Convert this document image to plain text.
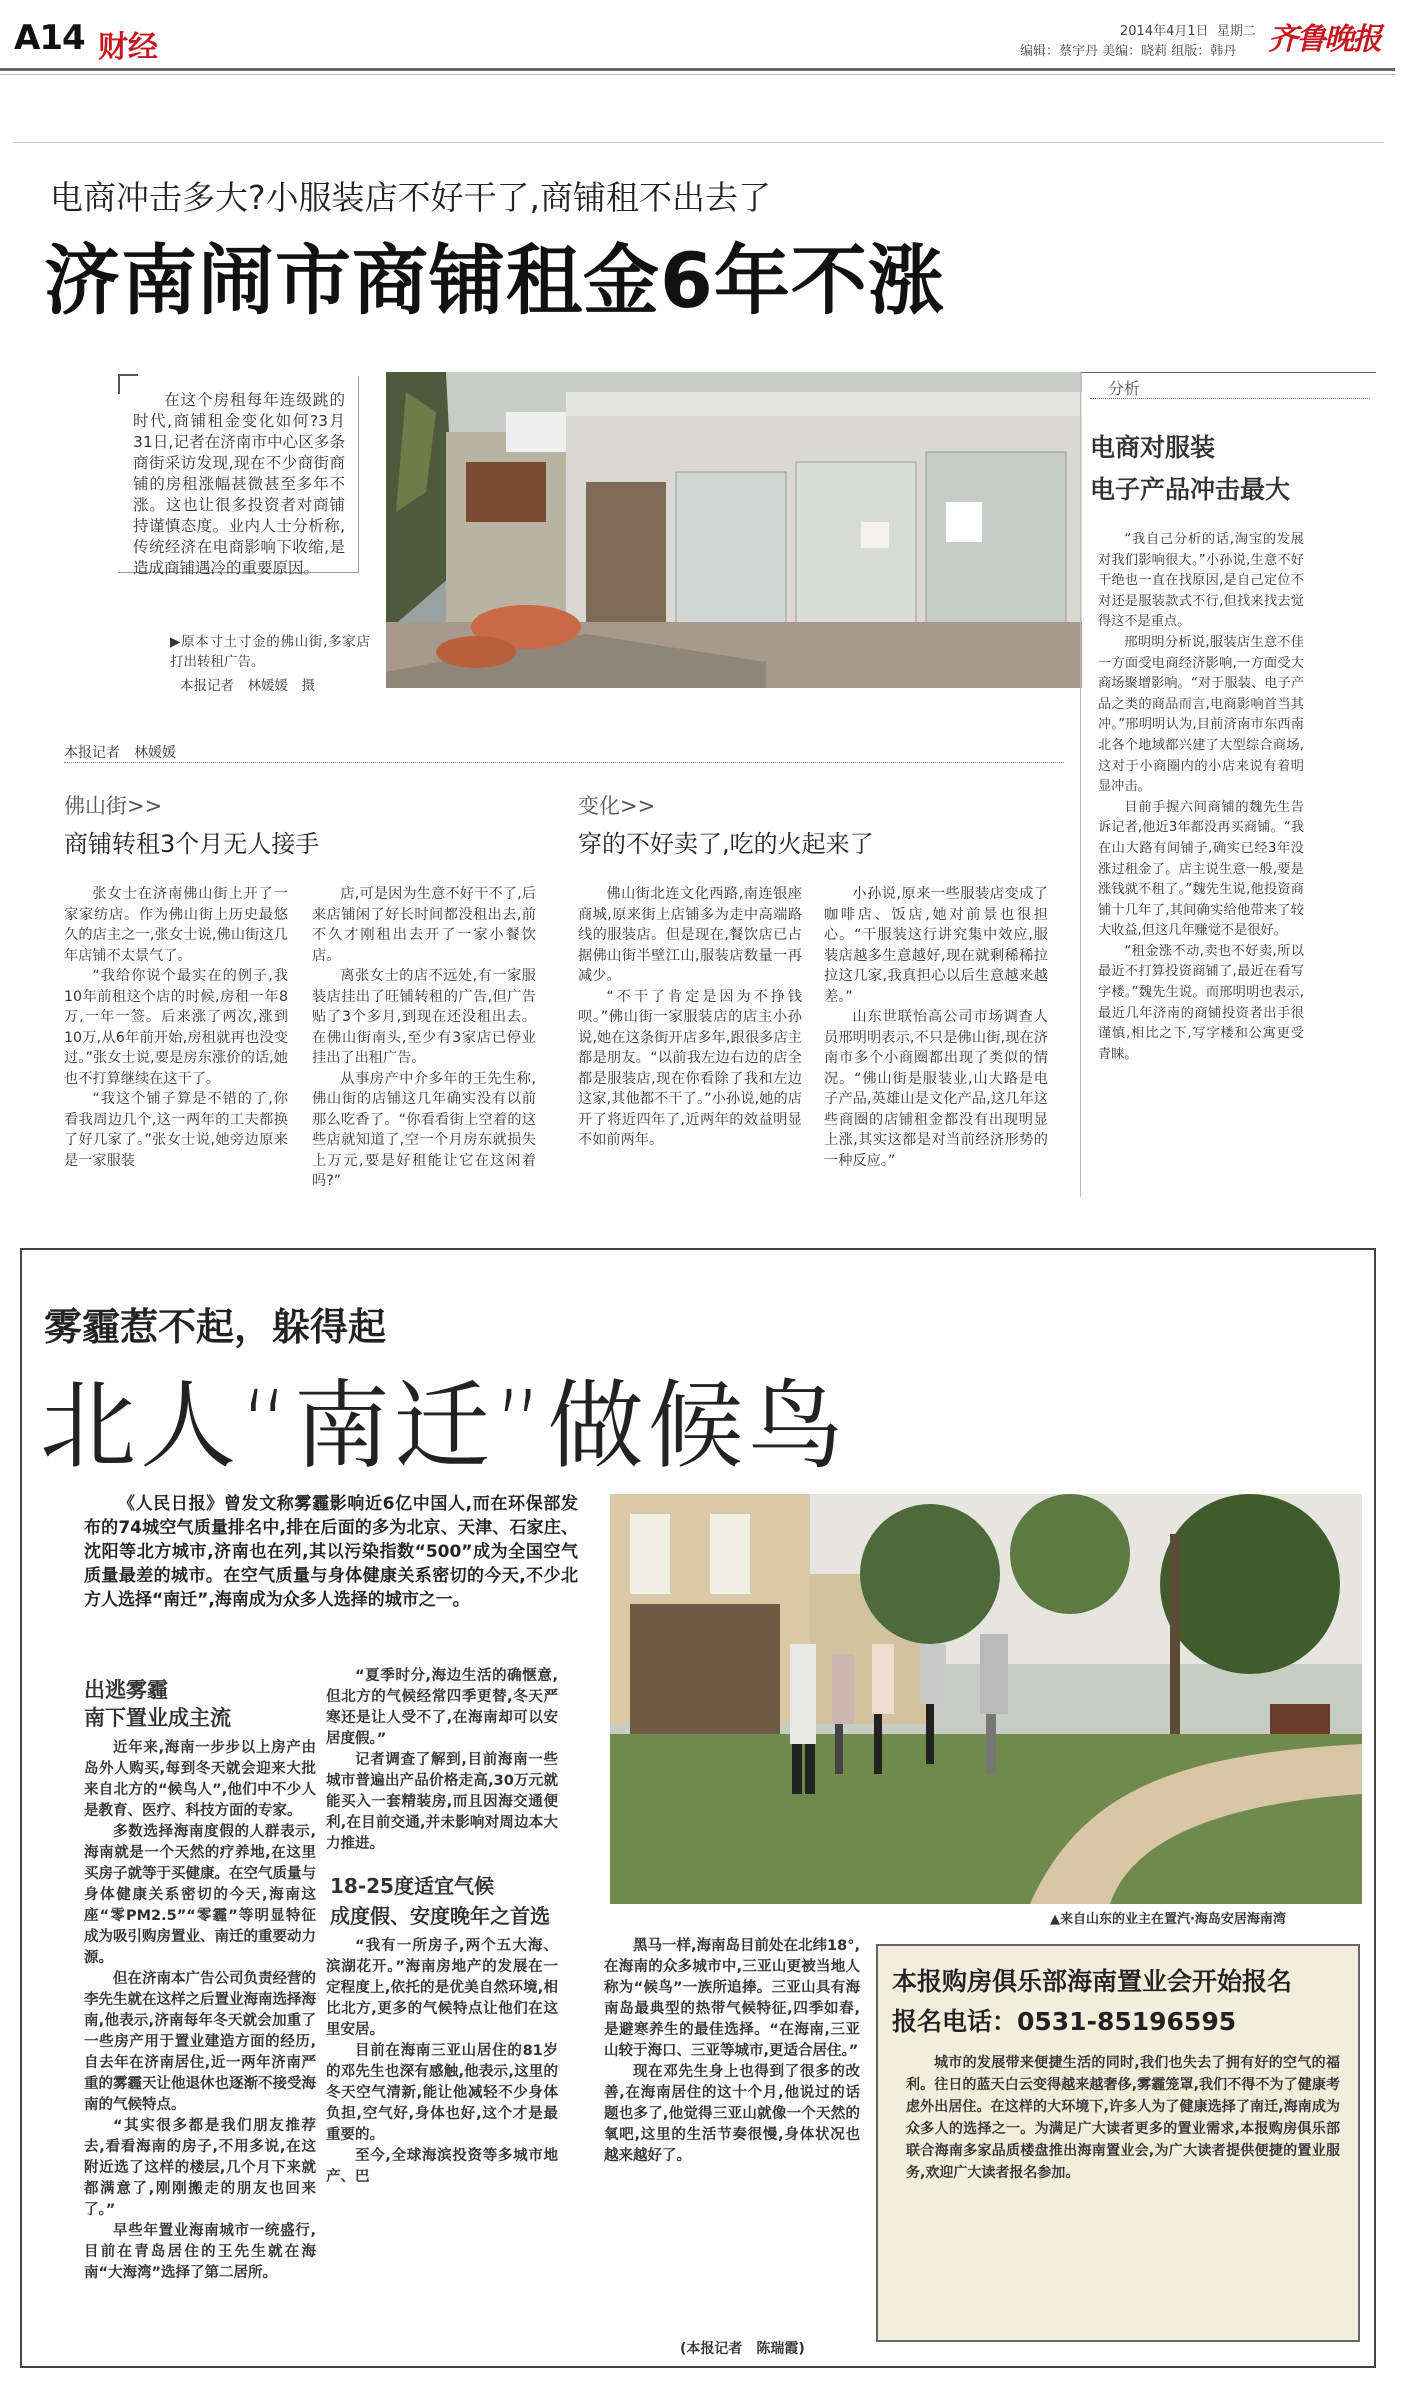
A14 财经	2014年4月1日 星期二
编辑：蔡宇丹 美编：晓莉 组版：韩丹 齐鲁晚报
电商冲击多大?小服装店不好干了,商铺租不出去了
济南闹市商铺租金6年不涨
在这个房租每年连级跳的时代,商铺租金变化如何?3月31日,记者在济南市中心区多条商街采访发现,现在不少商街商铺的房租涨幅甚微甚至多年不涨。这也让很多投资者对商铺持谨慎态度。业内人士分析称,传统经济在电商影响下收缩,是造成商铺遇冷的重要原因。
▶原本寸土寸金的佛山街,多家店打出转租广告。
本报记者　林媛媛　摄
分析
电商对服装
电子产品冲击最大

“我自己分析的话,淘宝的发展对我们影响很大。”小孙说,生意不好干绝也一直在找原因,是自己定位不对还是服装款式不行,但找来找去觉得这不是重点。

邢明明分析说,服装店生意不佳一方面受电商经济影响,一方面受大商场聚增影响。“对于服装、电子产品之类的商品而言,电商影响首当其冲。”邢明明认为,目前济南市东西南北各个地域都兴建了大型综合商场,这对于小商圈内的小店来说有着明显冲击。

目前手握六间商铺的魏先生告诉记者,他近3年都没再买商铺。“我在山大路有间铺子,确实已经3年没涨过租金了。店主说生意一般,要是涨钱就不租了。”魏先生说,他投资商铺十几年了,其间确实给他带来了较大收益,但这几年赚觉不是很好。

“租金涨不动,卖也不好卖,所以最近不打算投资商铺了,最近在看写字楼。”魏先生说。而邢明明也表示,最近几年济南的商铺投资者出手很谨慎,相比之下,写字楼和公寓更受青睐。

本报记者　林媛媛
佛山街>>
商铺转租3个月无人接手
变化>>
穿的不好卖了,吃的火起来了

张女士在济南佛山街上开了一家家纺店。作为佛山街上历史最悠久的店主之一,张女士说,佛山街这几年店铺不太景气了。

“我给你说个最实在的例子,我10年前租这个店的时候,房租一年8万,一年一签。后来涨了两次,涨到10万,从6年前开始,房租就再也没变过。”张女士说,要是房东涨价的话,她也不打算继续在这干了。

“我这个铺子算是不错的了,你看我周边几个,这一两年的工夫都换了好几家了。”张女士说,她旁边原来是一家服装

店,可是因为生意不好干不了,后来店铺闲了好长时间都没租出去,前不久才刚租出去开了一家小餐饮店。

离张女士的店不远处,有一家服装店挂出了旺铺转租的广告,但广告贴了3个多月,到现在还没租出去。在佛山街南头,至少有3家店已停业挂出了出租广告。

从事房产中介多年的王先生称,佛山街的店铺这几年确实没有以前那么吃香了。“你看看街上空着的这些店就知道了,空一个月房东就损失上万元,要是好租能让它在这闲着吗?”

佛山街北连文化西路,南连银座商城,原来街上店铺多为走中高端路线的服装店。但是现在,餐饮店已占据佛山街半壁江山,服装店数量一再减少。

“不干了肯定是因为不挣钱呗。”佛山街一家服装店的店主小孙说,她在这条街开店多年,跟很多店主都是朋友。“以前我左边右边的店全都是服装店,现在你看除了我和左边这家,其他都不干了。”小孙说,她的店开了将近四年了,近两年的效益明显不如前两年。

小孙说,原来一些服装店变成了咖啡店、饭店,她对前景也很担心。“干服装这行讲究集中效应,服装店越多生意越好,现在就剩稀稀拉拉这几家,我真担心以后生意越来越差。”

山东世联怡高公司市场调查人员邢明明表示,不只是佛山街,现在济南市多个小商圈都出现了类似的情况。“佛山街是服装业,山大路是电子产品,英雄山是文化产品,这几年这些商圈的店铺租金都没有出现明显上涨,其实这都是对当前经济形势的一种反应。”

雾霾惹不起，躲得起
北人“南迁”做候鸟
《人民日报》曾发文称雾霾影响近6亿中国人,而在环保部发布的74城空气质量排名中,排在后面的多为北京、天津、石家庄、沈阳等北方城市,济南也在列,其以污染指数“500”成为全国空气质量最差的城市。在空气质量与身体健康关系密切的今天,不少北方人选择“南迁”,海南成为众多人选择的城市之一。
▲来自山东的业主在置汽·海岛安居海南湾
出逃雾霾
南下置业成主流

近年来,海南一步步以上房产由岛外人购买,每到冬天就会迎来大批来自北方的“候鸟人”,他们中不少人是教育、医疗、科技方面的专家。

多数选择海南度假的人群表示,海南就是一个天然的疗养地,在这里买房子就等于买健康。在空气质量与身体健康关系密切的今天,海南这座“零PM2.5”“零霾”等明显特征成为吸引购房置业、南迁的重要动力源。

但在济南本广告公司负责经营的李先生就在这样之后置业海南选择海南,他表示,济南每年冬天就会加重了一些房产用于置业建造方面的经历,自去年在济南居住,近一两年济南严重的雾霾天让他退休也逐渐不接受海南的气候特点。

“其实很多都是我们朋友推荐去,看看海南的房子,不用多说,在这附近选了这样的楼层,几个月下来就都满意了,刚刚搬走的朋友也回来了。”

早些年置业海南城市一统盛行,目前在青岛居住的王先生就在海南“大海湾”选择了第二居所。

“夏季时分,海边生活的确惬意,但北方的气候经常四季更替,冬天严寒还是让人受不了,在海南却可以安居度假。”

记者调查了解到,目前海南一些城市普遍出产品价格走高,30万元就能买入一套精装房,而且因海交通便利,在目前交通,并未影响对周边本大力推进。

18-25度适宜气候
成度假、安度晚年之首选

“我有一所房子,两个五大海、滨湖花开。”海南房地产的发展在一定程度上,依托的是优美自然环境,相比北方,更多的气候特点让他们在这里安居。

目前在海南三亚山居住的81岁的邓先生也深有感触,他表示,这里的冬天空气清新,能让他减轻不少身体负担,空气好,身体也好,这个才是最重要的。

至今,全球海滨投资等多城市地产、巴

黑马一样,海南岛目前处在北纬18°,在海南的众多城市中,三亚山更被当地人称为“候鸟”一族所追捧。三亚山具有海南岛最典型的热带气候特征,四季如春,是避寒养生的最佳选择。“在海南,三亚山较于海口、三亚等城市,更适合居住。”

现在邓先生身上也得到了很多的改善,在海南居住的这十个月,他说过的话题也多了,他觉得三亚山就像一个天然的氧吧,这里的生活节奏很慢,身体状况也越来越好了。

(本报记者　陈瑞霞)
本报购房俱乐部海南置业会开始报名
报名电话：0531-85196595
城市的发展带来便捷生活的同时,我们也失去了拥有好的空气的福利。往日的蓝天白云变得越来越奢侈,雾霾笼罩,我们不得不为了健康考虑外出居住。在这样的大环境下,许多人为了健康选择了南迁,海南成为众多人的选择之一。为满足广大读者更多的置业需求,本报购房俱乐部联合海南多家品质楼盘推出海南置业会,为广大读者提供便捷的置业服务,欢迎广大读者报名参加。
